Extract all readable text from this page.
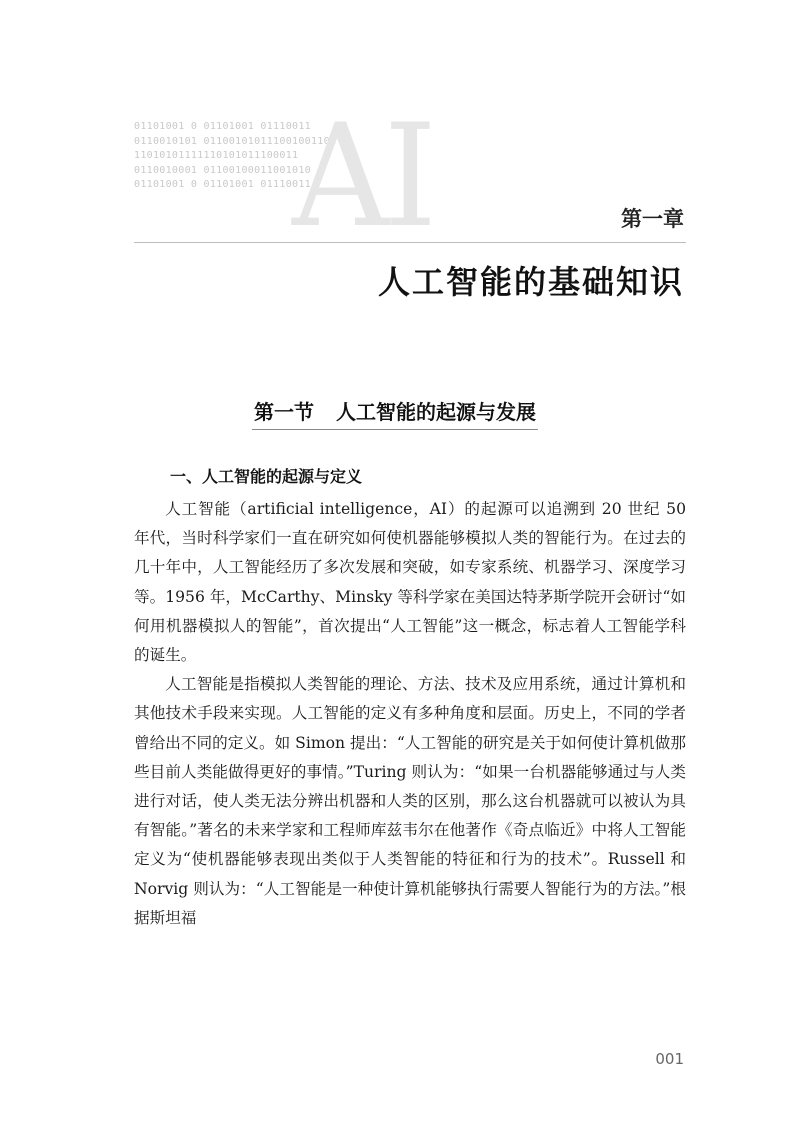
01101001 0 01101001 01110011
0110010101 011001010111001001101
11010101111110101011100011
0110010001 01100100011001010
01101001 0 01101001 01110011
AI	第一章
人工智能的基础知识
第一节 人工智能的起源与发展
一、人工智能的起源与定义

人工智能（artificial intelligence，AI）的起源可以追溯到 20 世纪 50 年代，当时科学家们一直在研究如何使机器能够模拟人类的智能行为。在过去的几十年中，人工智能经历了多次发展和突破，如专家系统、机器学习、深度学习等。1956 年，McCarthy、Minsky 等科学家在美国达特茅斯学院开会研讨“如何用机器模拟人的智能”，首次提出“人工智能”这一概念，标志着人工智能学科的诞生。

人工智能是指模拟人类智能的理论、方法、技术及应用系统，通过计算机和其他技术手段来实现。人工智能的定义有多种角度和层面。历史上，不同的学者曾给出不同的定义。如 Simon 提出：“人工智能的研究是关于如何使计算机做那些目前人类能做得更好的事情。”Turing 则认为：“如果一台机器能够通过与人类进行对话，使人类无法分辨出机器和人类的区别，那么这台机器就可以被认为具有智能。”著名的未来学家和工程师库兹韦尔在他著作《奇点临近》中将人工智能定义为“使机器能够表现出类似于人类智能的特征和行为的技术”。Russell 和 Norvig 则认为：“人工智能是一种使计算机能够执行需要人智能行为的方法。”根据斯坦福

001
